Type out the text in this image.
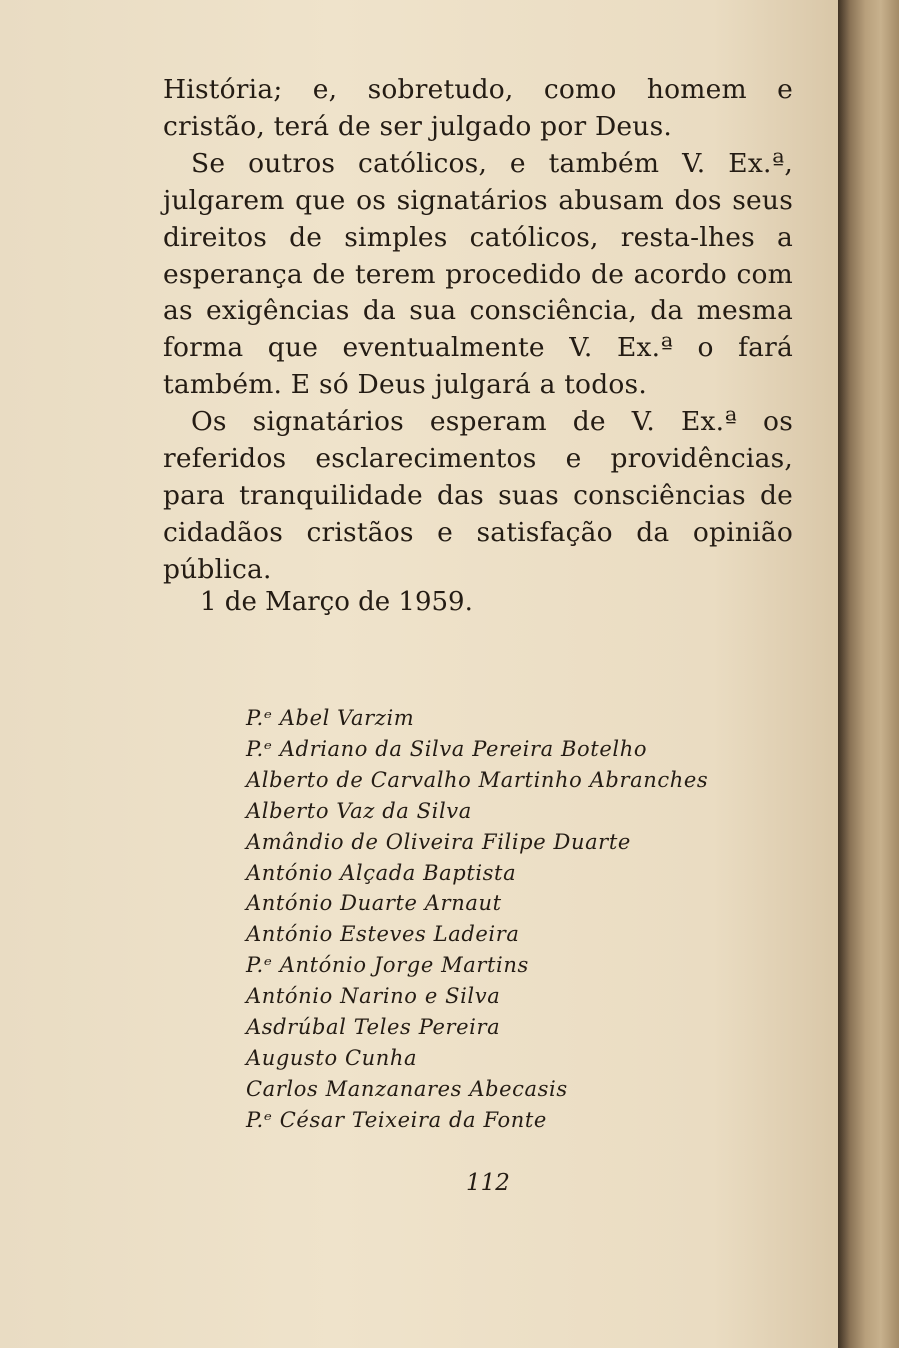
História; e, sobretudo, como homem e cristão, terá de ser julgado por Deus.

Se outros católicos, e também V. Ex.ª, julgarem que os signatários abusam dos seus direitos de simples católicos, resta-lhes a esperança de terem procedido de acordo com as exigências da sua consciência, da mesma forma que eventualmente V. Ex.ª o fará também. E só Deus julgará a todos.

Os signatários esperam de V. Ex.ª os referidos esclarecimentos e providências, para tranquilidade das suas consciências de cidadãos cristãos e satisfação da opinião pública.

1 de Março de 1959.
P.ᵉ Abel Varzim
P.ᵉ Adriano da Silva Pereira Botelho
Alberto de Carvalho Martinho Abranches
Alberto Vaz da Silva
Amândio de Oliveira Filipe Duarte
António Alçada Baptista
António Duarte Arnaut
António Esteves Ladeira
P.ᵉ António Jorge Martins
António Narino e Silva
Asdrúbal Teles Pereira
Augusto Cunha
Carlos Manzanares Abecasis
P.ᵉ César Teixeira da Fonte
112
